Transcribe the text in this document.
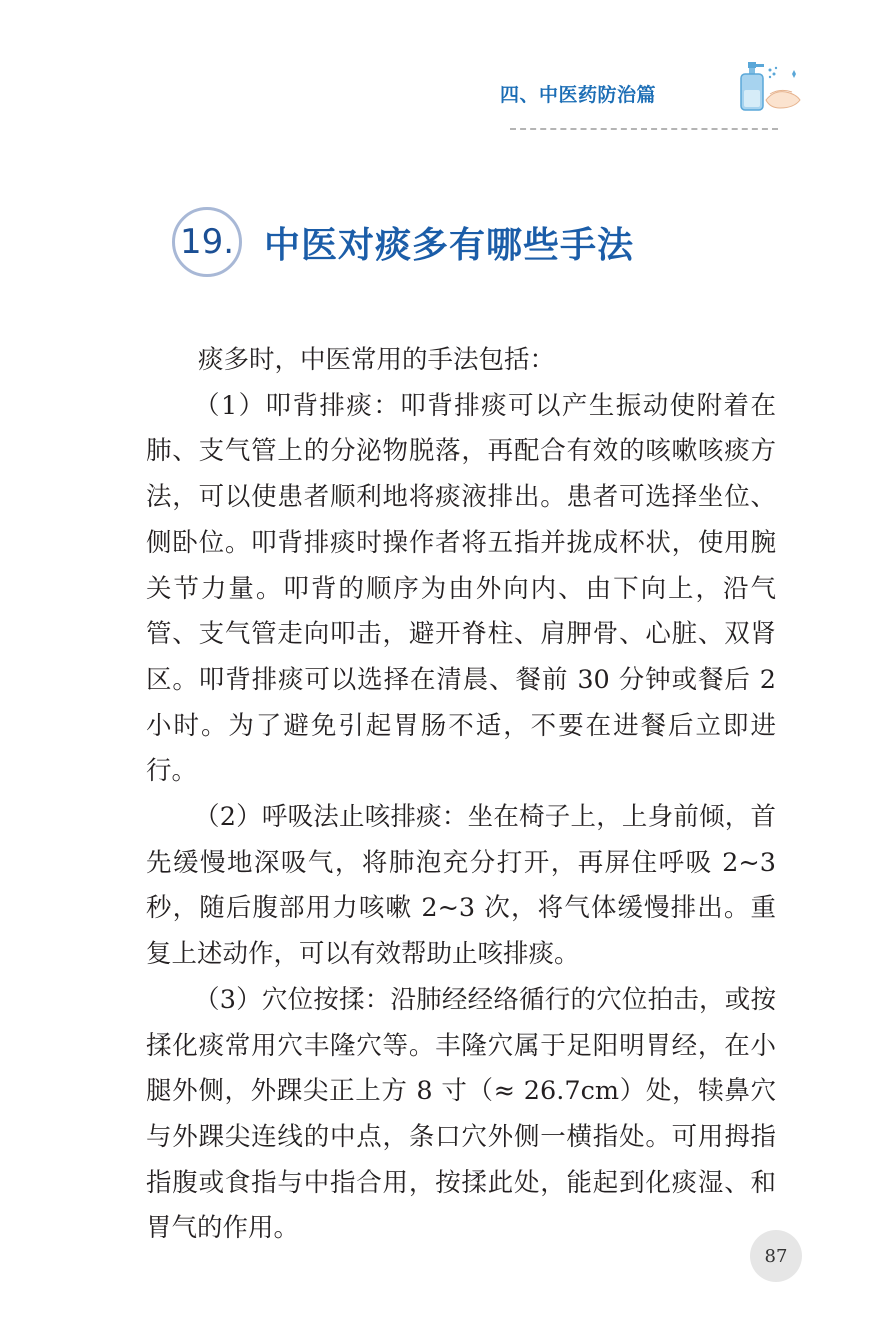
四、中医药防治篇
19. 中医对痰多有哪些手法

痰多时，中医常用的手法包括：

（1）叩背排痰：叩背排痰可以产生振动使附着在肺、支气管上的分泌物脱落，再配合有效的咳嗽咳痰方法，可以使患者顺利地将痰液排出。患者可选择坐位、侧卧位。叩背排痰时操作者将五指并拢成杯状，使用腕关节力量。叩背的顺序为由外向内、由下向上，沿气管、支气管走向叩击，避开脊柱、肩胛骨、心脏、双肾区。叩背排痰可以选择在清晨、餐前 30 分钟或餐后 2 小时。为了避免引起胃肠不适，不要在进餐后立即进行。

（2）呼吸法止咳排痰：坐在椅子上，上身前倾，首先缓慢地深吸气，将肺泡充分打开，再屏住呼吸 2~3 秒，随后腹部用力咳嗽 2~3 次，将气体缓慢排出。重复上述动作，可以有效帮助止咳排痰。

（3）穴位按揉：沿肺经经络循行的穴位拍击，或按揉化痰常用穴丰隆穴等。丰隆穴属于足阳明胃经，在小腿外侧，外踝尖正上方 8 寸（≈ 26.7cm）处，犊鼻穴与外踝尖连线的中点，条口穴外侧一横指处。可用拇指指腹或食指与中指合用，按揉此处，能起到化痰湿、和胃气的作用。

87
